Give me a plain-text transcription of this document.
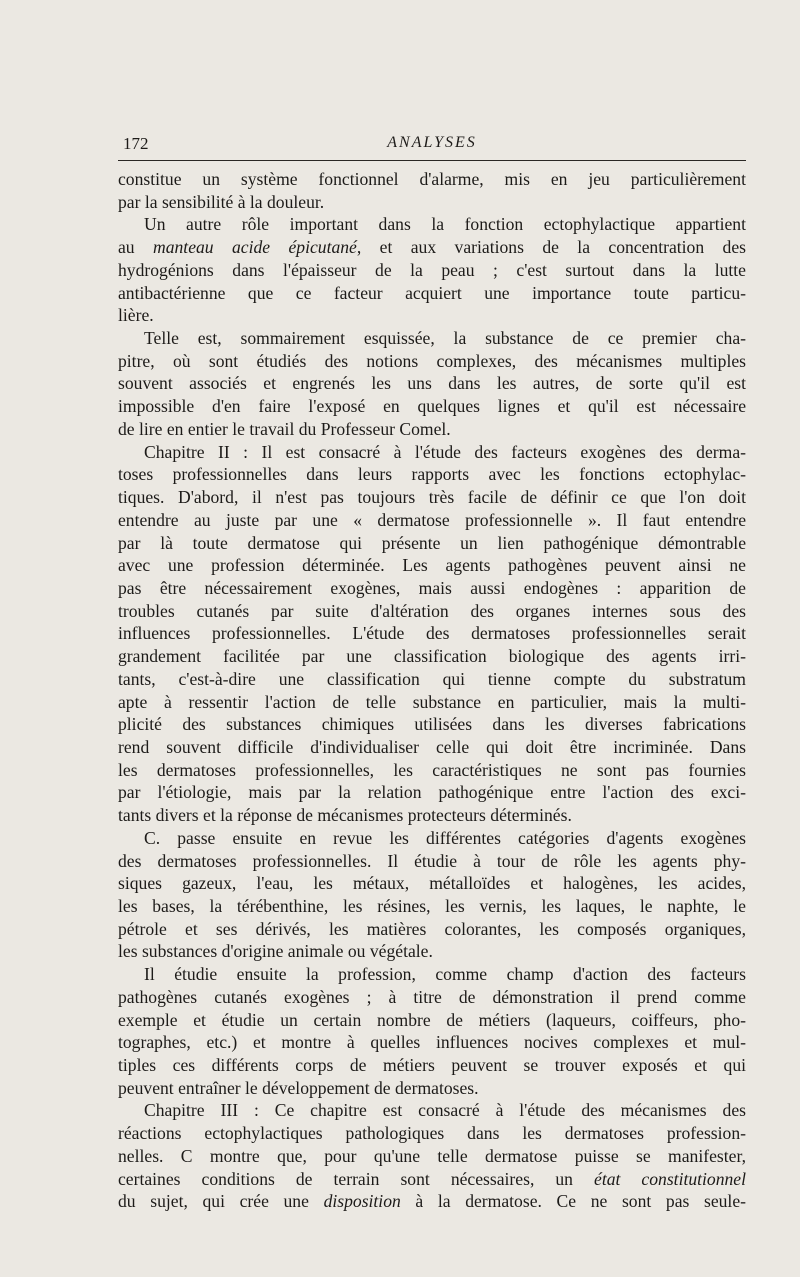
172	ANALYSES
constitue un système fonctionnel d'alarme, mis en jeu particulièrement
par la sensibilité à la douleur.
Un autre rôle important dans la fonction ectophylactique appartient
au manteau acide épicutané, et aux variations de la concentration des
hydrogénions dans l'épaisseur de la peau ; c'est surtout dans la lutte
antibactérienne que ce facteur acquiert une importance toute particu-
lière.
Telle est, sommairement esquissée, la substance de ce premier cha-
pitre, où sont étudiés des notions complexes, des mécanismes multiples
souvent associés et engrenés les uns dans les autres, de sorte qu'il est
impossible d'en faire l'exposé en quelques lignes et qu'il est nécessaire
de lire en entier le travail du Professeur Comel.
Chapitre II : Il est consacré à l'étude des facteurs exogènes des derma-
toses professionnelles dans leurs rapports avec les fonctions ectophylac-
tiques. D'abord, il n'est pas toujours très facile de définir ce que l'on doit
entendre au juste par une « dermatose professionnelle ». Il faut entendre
par là toute dermatose qui présente un lien pathogénique démontrable
avec une profession déterminée. Les agents pathogènes peuvent ainsi ne
pas être nécessairement exogènes, mais aussi endogènes : apparition de
troubles cutanés par suite d'altération des organes internes sous des
influences professionnelles. L'étude des dermatoses professionnelles serait
grandement facilitée par une classification biologique des agents irri-
tants, c'est-à-dire une classification qui tienne compte du substratum
apte à ressentir l'action de telle substance en particulier, mais la multi-
plicité des substances chimiques utilisées dans les diverses fabrications
rend souvent difficile d'individualiser celle qui doit être incriminée. Dans
les dermatoses professionnelles, les caractéristiques ne sont pas fournies
par l'étiologie, mais par la relation pathogénique entre l'action des exci-
tants divers et la réponse de mécanismes protecteurs déterminés.
C. passe ensuite en revue les différentes catégories d'agents exogènes
des dermatoses professionnelles. Il étudie à tour de rôle les agents phy-
siques gazeux, l'eau, les métaux, métalloïdes et halogènes, les acides,
les bases, la térébenthine, les résines, les vernis, les laques, le naphte, le
pétrole et ses dérivés, les matières colorantes, les composés organiques,
les substances d'origine animale ou végétale.
Il étudie ensuite la profession, comme champ d'action des facteurs
pathogènes cutanés exogènes ; à titre de démonstration il prend comme
exemple et étudie un certain nombre de métiers (laqueurs, coiffeurs, pho-
tographes, etc.) et montre à quelles influences nocives complexes et mul-
tiples ces différents corps de métiers peuvent se trouver exposés et qui
peuvent entraîner le développement de dermatoses.
Chapitre III : Ce chapitre est consacré à l'étude des mécanismes des
réactions ectophylactiques pathologiques dans les dermatoses profession-
nelles. C montre que, pour qu'une telle dermatose puisse se manifester,
certaines conditions de terrain sont nécessaires, un état constitutionnel
du sujet, qui crée une disposition à la dermatose. Ce ne sont pas seule-
